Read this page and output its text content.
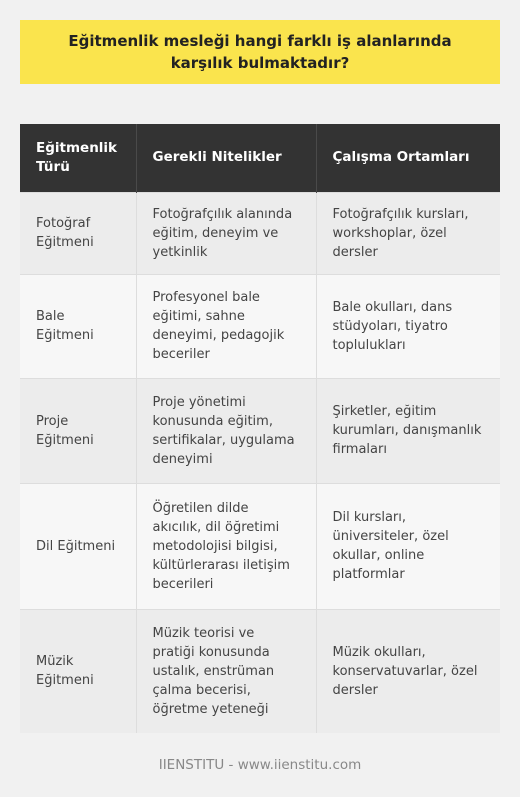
Eğitmenlik mesleği hangi farklı iş alanlarında karşılık bulmaktadır?
Eğitmenlik Türü	Gerekli Nitelikler	Çalışma Ortamları
Fotoğraf Eğitmeni	Fotoğrafçılık alanında eğitim, deneyim ve yetkinlik	Fotoğrafçılık kursları, workshoplar, özel dersler
Bale Eğitmeni	Profesyonel bale eğitimi, sahne deneyimi, pedagojik beceriler	Bale okulları, dans stüdyoları, tiyatro toplulukları
Proje Eğitmeni	Proje yönetimi konusunda eğitim, sertifikalar, uygulama deneyimi	Şirketler, eğitim kurumları, danışmanlık firmaları
Dil Eğitmeni	Öğretilen dilde akıcılık, dil öğretimi metodolojisi bilgisi, kültürlerarası iletişim becerileri	Dil kursları, üniversiteler, özel okullar, online platformlar
Müzik Eğitmeni	Müzik teorisi ve pratiği konusunda ustalık, enstrüman çalma becerisi, öğretme yeteneği	Müzik okulları, konservatuvarlar, özel dersler
IIENSTITU - www.iienstitu.com
